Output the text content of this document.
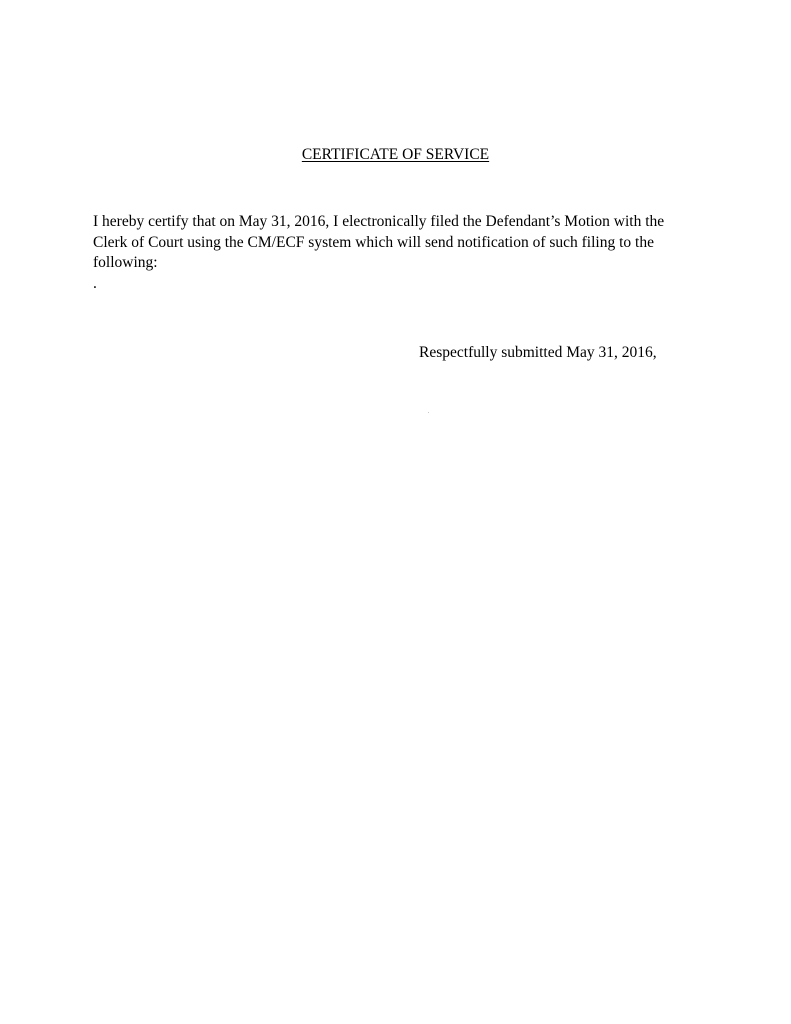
CERTIFICATE OF SERVICE
I hereby certify that on May 31, 2016, I electronically filed the Defendant’s Motion with the
Clerk of Court using the CM/ECF system which will send notification of such filing to the
following:
.
Respectfully submitted May 31, 2016,
